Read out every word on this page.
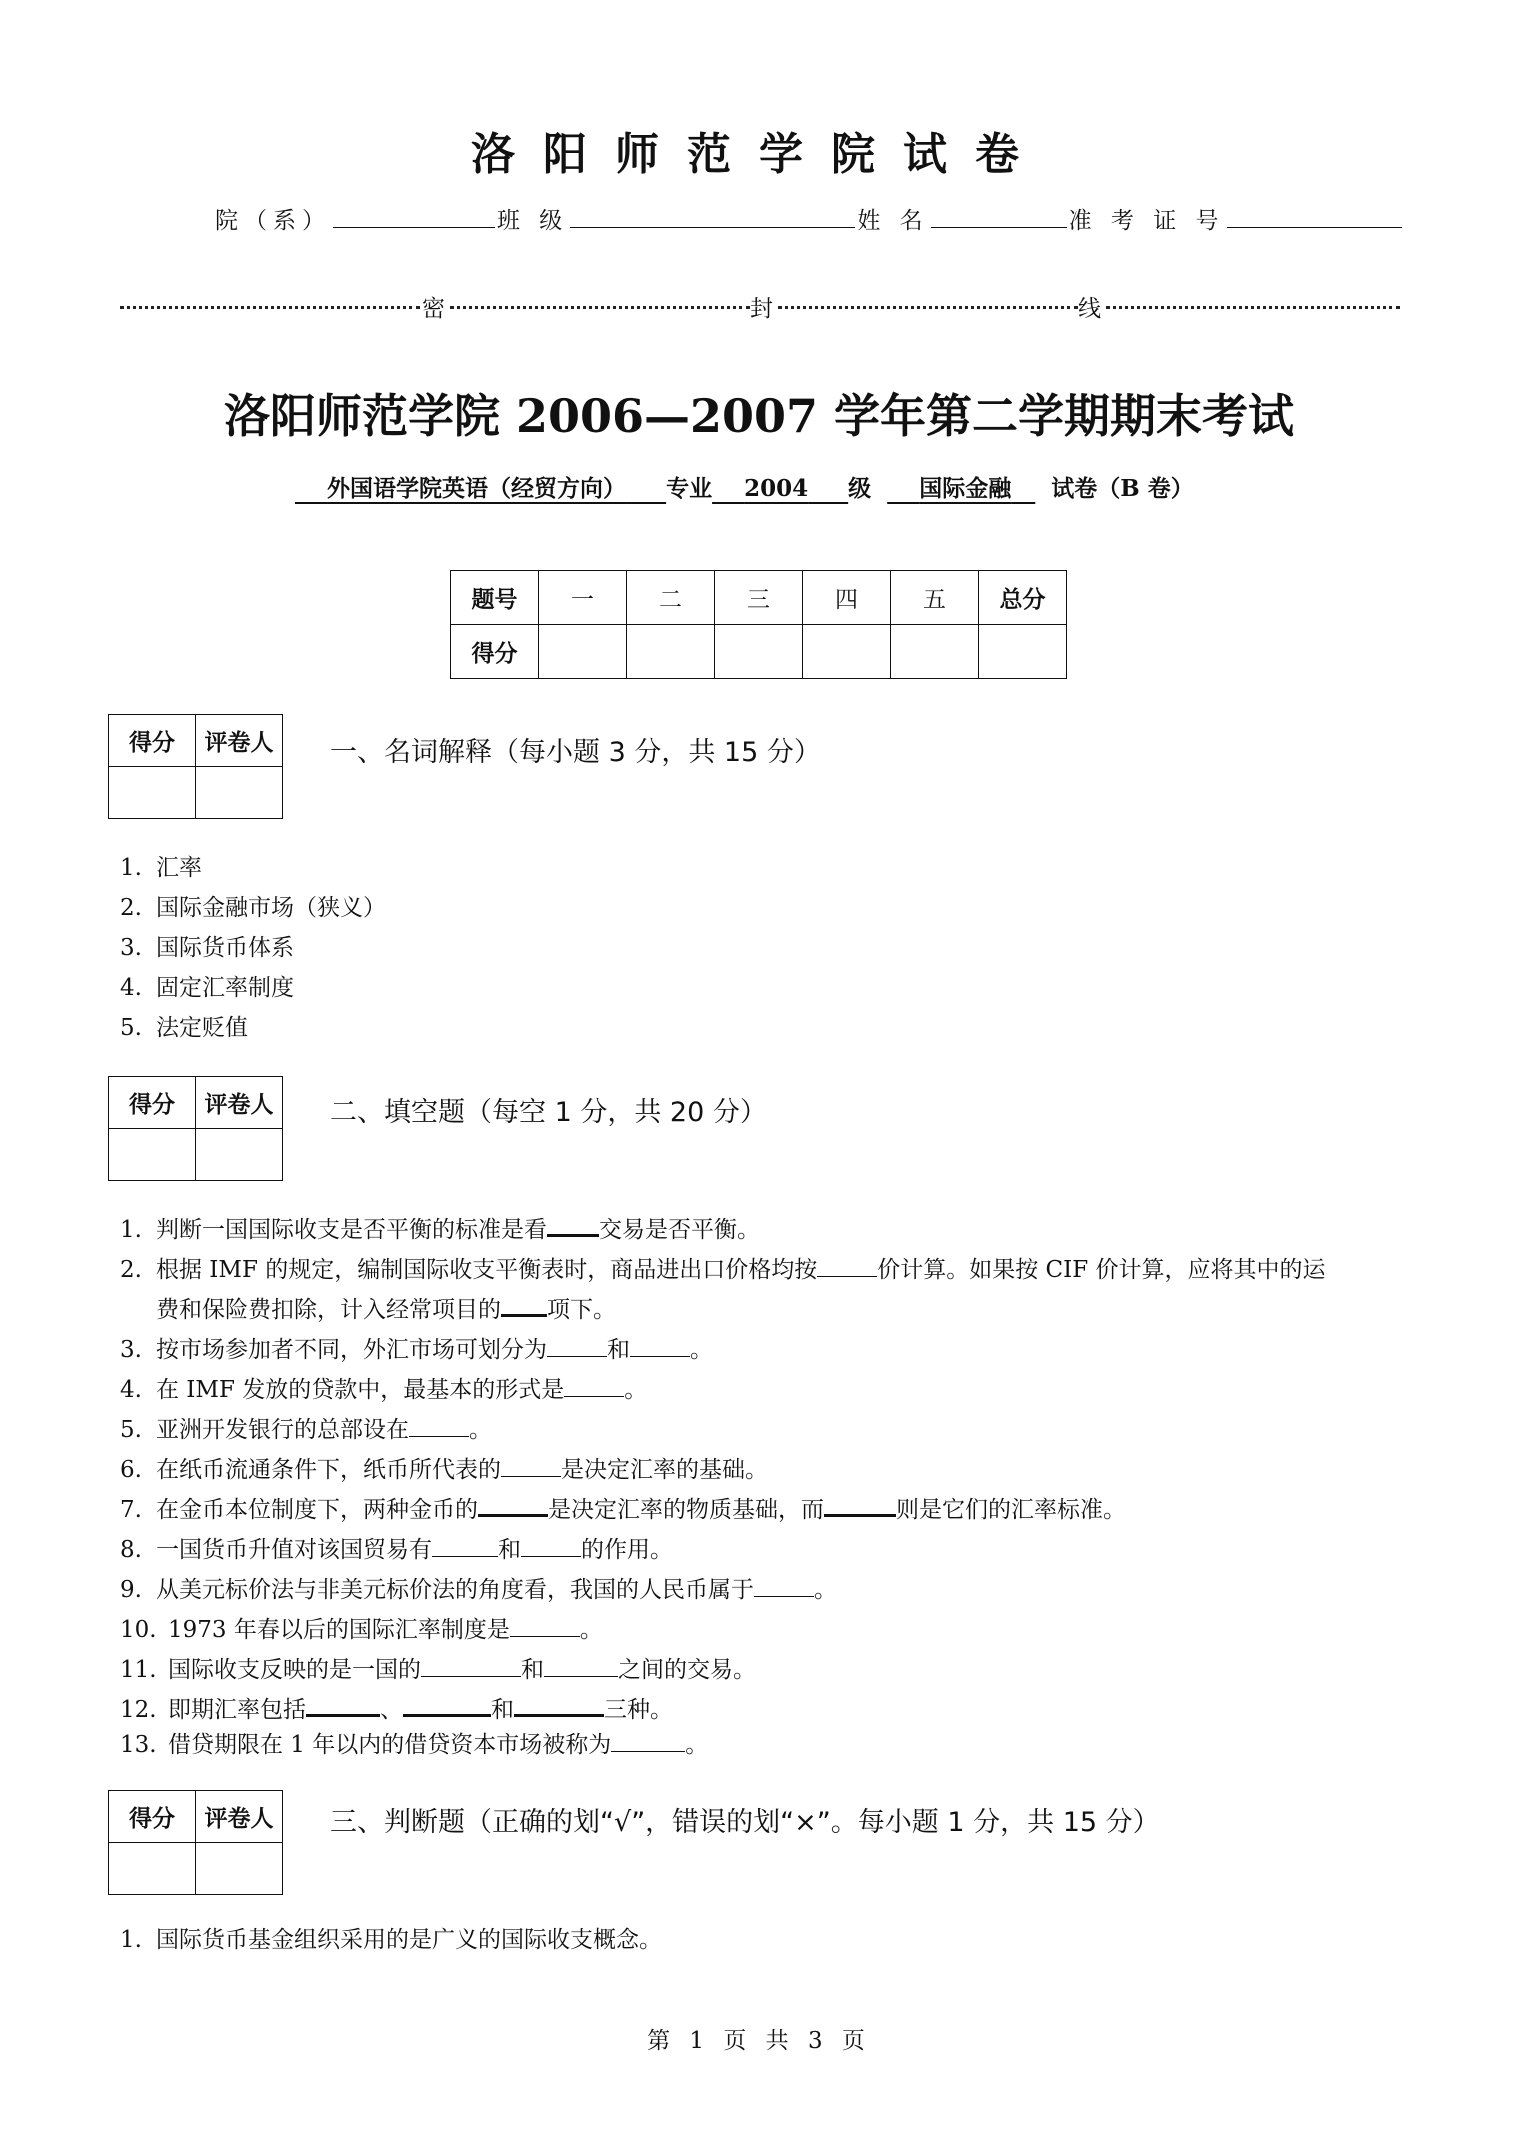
洛阳师范学院试卷
院（系）	班 级	姓 名	准 考 证 号
密	封	线
洛阳师范学院 2006—2007 学年第二学期期末考试
外国语学院英语（经贸方向） 专业 2004 级 国际金融 试卷（B 卷）
题号	一	二	三	四	五	总分
得分						
得分	评卷人
	一、名词解释（每小题 3 分，共 15 分）
1. 汇率
2. 国际金融市场（狭义）
3. 国际货币体系
4. 固定汇率制度
5. 法定贬值
得分	评卷人
	二、填空题（每空 1 分，共 20 分）
1. 判断一国国际收支是否平衡的标准是看 交易是否平衡。
2. 根据 IMF 的规定，编制国际收支平衡表时，商品进出口价格均按	价计算。如果按 CIF 价计算，应将其中的运
费和保险费扣除，计入经常项目的 项下。
3. 按市场参加者不同，外汇市场可划分为	和	。
4. 在 IMF 发放的贷款中，最基本的形式是	。
5. 亚洲开发银行的总部设在	。
6. 在纸币流通条件下，纸币所代表的	是决定汇率的基础。
7. 在金币本位制度下，两种金币的	是决定汇率的物质基础，而	则是它们的汇率标准。
8. 一国货币升值对该国贸易有	和	的作用。
9. 从美元标价法与非美元标价法的角度看，我国的人民币属于	。
10. 1973 年春以后的国际汇率制度是	。
11. 国际收支反映的是一国的	和	之间的交易。
12. 即期汇率包括	、	和	三种。
13. 借贷期限在 1 年以内的借贷资本市场被称为	。
得分	评卷人
	三、判断题（正确的划“√”，错误的划“×”。每小题 1 分，共 15 分）
1. 国际货币基金组织采用的是广义的国际收支概念。
第 1 页 共 3 页
